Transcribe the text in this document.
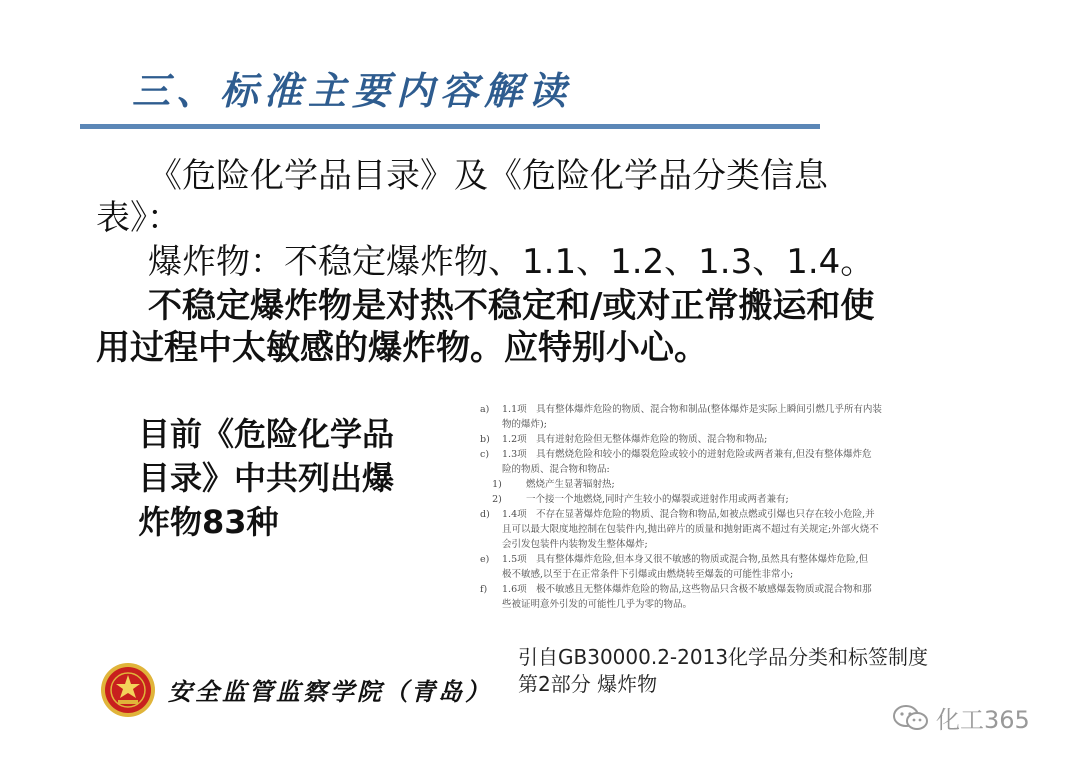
三、标准主要内容解读
《危险化学品目录》及《危险化学品分类信息
表》：
爆炸物：不稳定爆炸物、1.1、1.2、1.3、1.4。
不稳定爆炸物是对热不稳定和/或对正常搬运和使
用过程中太敏感的爆炸物。应特别小心。
目前《危险化学品
目录》中共列出爆
炸物83种
a)	1.1项　具有整体爆炸危险的物质、混合物和制品(整体爆炸是实际上瞬间引燃几乎所有内装
物的爆炸);
b)	1.2项　具有迸射危险但无整体爆炸危险的物质、混合物和物品;
c)	1.3项　具有燃烧危险和较小的爆裂危险或较小的迸射危险或两者兼有,但没有整体爆炸危
险的物质、混合物和物品:
1)	燃烧产生显著辐射热;
2)	一个接一个地燃烧,同时产生较小的爆裂或迸射作用或两者兼有;
d)	1.4项　不存在显著爆炸危险的物质、混合物和物品,如被点燃或引爆也只存在较小危险,并
且可以最大限度地控制在包装件内,抛出碎片的质量和抛射距离不超过有关规定;外部火烧不
会引发包装件内装物发生整体爆炸;
e)	1.5项　具有整体爆炸危险,但本身又很不敏感的物质或混合物,虽然具有整体爆炸危险,但
极不敏感,以至于在正常条件下引爆或由燃烧转至爆轰的可能性非常小;
f)	1.6项　极不敏感且无整体爆炸危险的物品,这些物品只含极不敏感爆轰物质或混合物和那
些被证明意外引发的可能性几乎为零的物品。
引自GB30000.2-2013化学品分类和标签制度
第2部分 爆炸物
安全监管监察学院（青岛）
化工365
